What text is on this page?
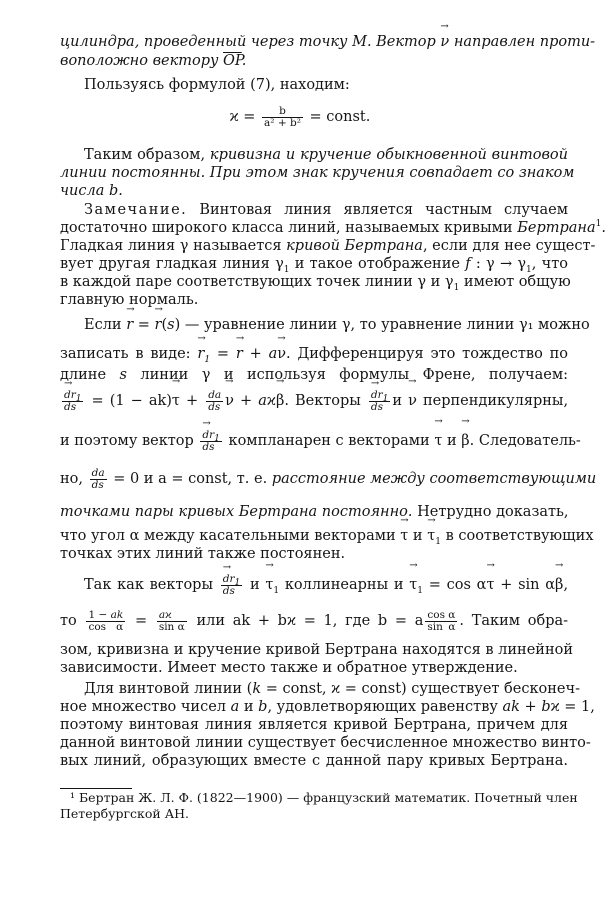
цилиндра, проведенный через точку M. Вектор → ν направлен проти-
воположно вектору $\overline{OP}$.
Пользуясь формулой (7), находим:
$ϰ = \frac{b}{\text{a² + b²}}$ = const.
Таким образом, кривизна и кручение обыкновенной винтовой
линии постоянны. При этом знак кручения совпадает со знаком
числа b.
Замечание. Винтовая линия является частным случаем
достаточно широкого класса линий, называемых кривыми Бертрана$^1$.
Гладкая линия γ называется кривой Бертрана, если для нее сущест-
вует другая гладкая линия $\gamma_1$ и такое отображение f : $\gamma \to \gamma_1$, что
в каждой паре соответствующих точек линии γ и $\gamma_1$ имеют общую
главную нормаль.
Если → r = → r(s) — уравнение линии γ, то уравнение линии γ₁ можно
записать в виде: → $r_1$ = → r + a→ ν. Дифференцируя это тождество по
длине s линии γ и используя формулы Френе, получаем:
→ $\frac{dr_1}{ds} = (1 - ak)\to \tau + \frac{da}{ds} \to \nu + aϰ\to \beta$. Векторы → $\frac{dr_1}{ds}$ и → ν перпендикулярны,
и поэтому вектор → $\frac{dr_1}{ds}$ компланарен с векторами → τ и → β. Следователь-
но, $\frac{da}{ds} = 0$ и a = const, т. е. расстояние между соответствующими
точками пары кривых Бертрана постоянно. Нетрудно доказать,
что угол α между касательными векторами → τ $и \to \tau_1$ в соответствующих
точках этих линий также постоянен.
Так как векторы → $\frac{dr_1}{ds}$ $и \to \tau_1$ коллинеарны $и \to \tau_1 = \cos \alpha\to \tau + \sin \alpha\to \beta$,
то $\frac{1 - ak}{\text{cos α}} = \frac{aϰ}{\text{sin α}}$ или ak + bϰ = 1, где b = a $\frac{\text{cos α}}{\text{sin α}}$ . Таким обра-
зом, кривизна и кручение кривой Бертрана находятся в линейной
зависимости. Имеет место также и обратное утверждение.
Для винтовой линии (k = const, ϰ = const) существует бесконеч-
ное множество чисел a и b, удовлетворяющих равенству ak + bϰ = 1,
поэтому винтовая линия является кривой Бертрана, причем для
данной винтовой линии существует бесчисленное множество винто-
вых линий, образующих вместе с данной пару кривых Бертрана.
¹ Бертран Ж. Л. Ф. (1822—1900) — французский математик. Почетный член
Петербургской АН.
